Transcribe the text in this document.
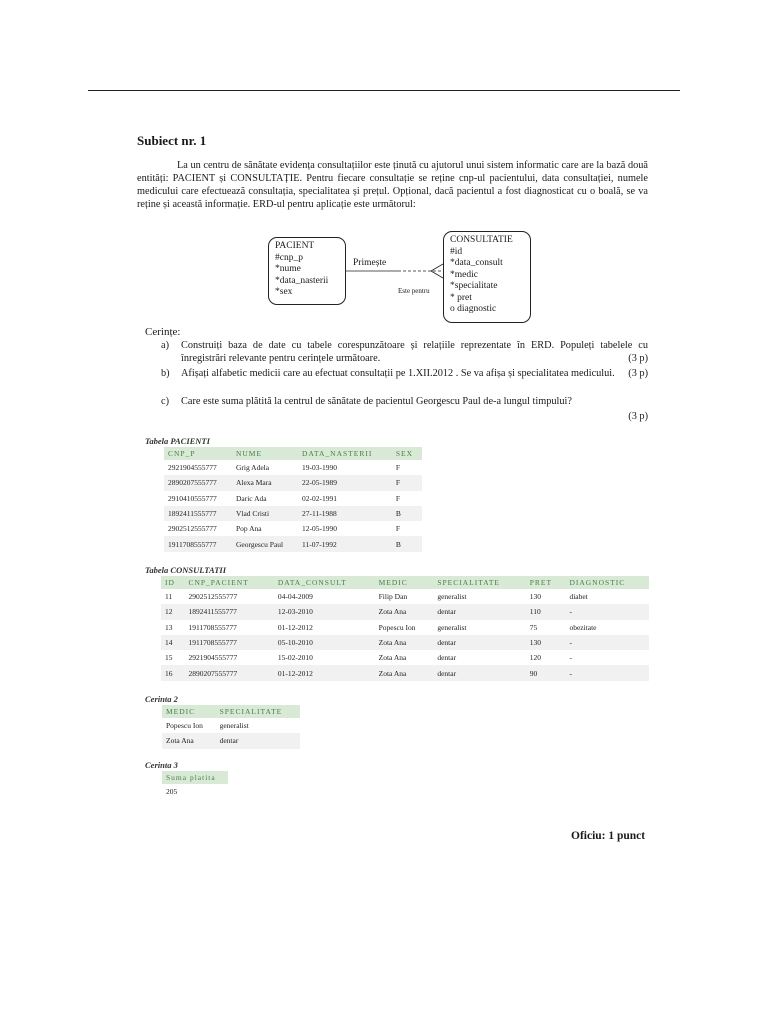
Subiect nr. 1
La un centru de sănătate evidența consultațiilor este ținută cu ajutorul unui sistem informatic care are la bază două entități: PACIENT și CONSULTAȚIE. Pentru fiecare consultație se reține cnp-ul pacientului, data consultației, numele medicului care efectuează consultația, specialitatea și prețul. Opțional, dacă pacientul a fost diagnosticat cu o boală, se va reține și această informație. ERD-ul pentru aplicație este următorul:
PACIENT
#cnp_p
*nume
*data_nasterii
*sex
CONSULTATIE
#id
*data_consult
*medic
*specialitate
* pret
o diagnostic
Primește
Este pentru
Cerințe:
a) Construiți baza de date cu tabele corespunzătoare și relațiile reprezentate în ERD. Populeți tabelele cu înregistrări relevante pentru cerințele următoare.	(3 p)
b) Afișați alfabetic medicii care au efectuat consultații pe 1.XII.2012 . Se va afișa și specialitatea medicului.	(3 p)
c) Care este suma plătită la centrul de sănătate de pacientul Georgescu Paul de-a lungul timpului?
(3 p)
Tabela PACIENTI
CNP_P	NUME	DATA_NASTERII	SEX
2921904555777	Grig Adela	19-03-1990	F
2890207555777	Alexa Mara	22-05-1989	F
2910410555777	Daric Ada	02-02-1991	F
1892411555777	Vlad Cristi	27-11-1988	B
2902512555777	Pop Ana	12-05-1990	F
1911708555777	Georgescu Paul	11-07-1992	B
Tabela CONSULTATII
ID	CNP_PACIENT	DATA_CONSULT	MEDIC	SPECIALITATE	PRET	DIAGNOSTIC
11	2902512555777	04-04-2009	Filip Dan	generalist	130	diabet
12	1892411555777	12-03-2010	Zota Ana	dentar	110	-
13	1911708555777	01-12-2012	Popescu Ion	generalist	75	obezitate
14	1911708555777	05-10-2010	Zota Ana	dentar	130	-
15	2921904555777	15-02-2010	Zota Ana	dentar	120	-
16	2890207555777	01-12-2012	Zota Ana	dentar	90	-
Cerinta 2
MEDIC	SPECIALITATE
Popescu Ion	generalist
Zota Ana	dentar
Cerinta 3
Suma platita
205
Oficiu: 1 punct
